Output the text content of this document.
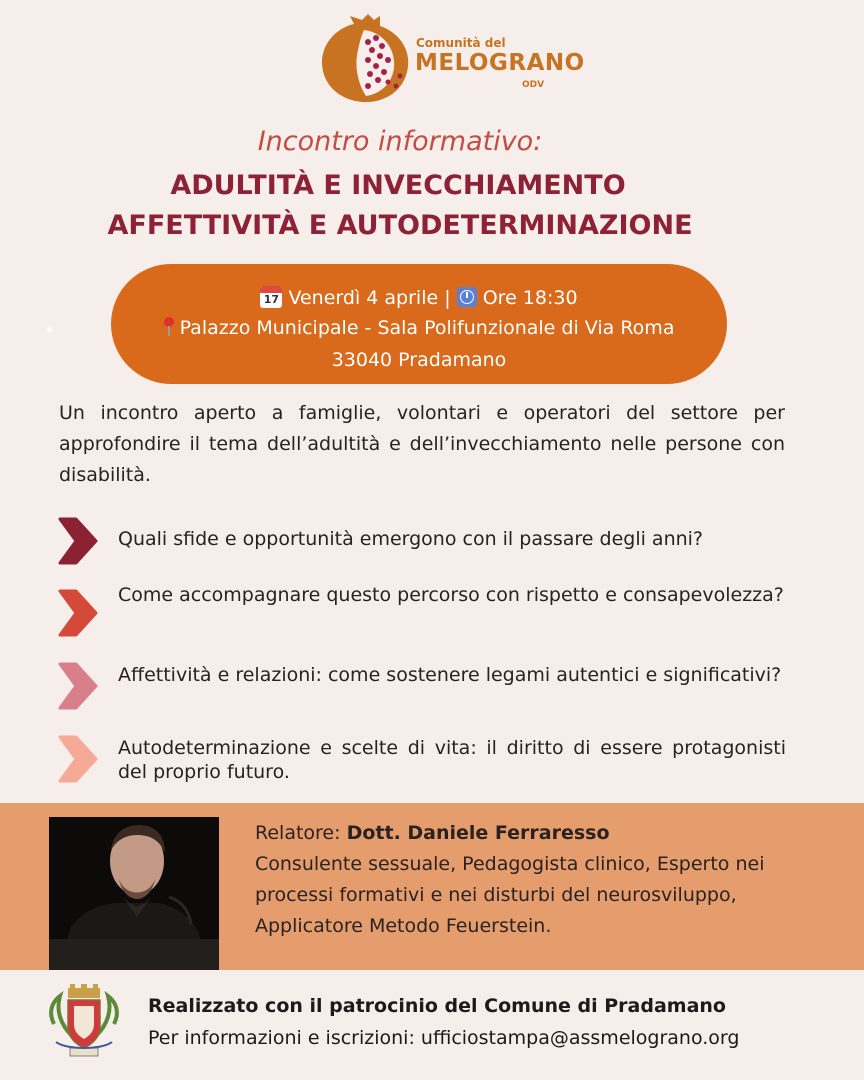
Comunità del
MELOGRANO
ODV
Incontro informativo:
ADULTITÀ E INVECCHIAMENTO
AFFETTIVITÀ E AUTODETERMINAZIONE
17 Venerdì 4 aprile | Ore 18:30
Palazzo Municipale - Sala Polifunzionale di Via Roma
33040 Pradamano
Un incontro aperto a famiglie, volontari e operatori del settore per approfondire il tema dell’adultità e dell’invecchiamento nelle persone con disabilità.
Quali sfide e opportunità emergono con il passare degli anni?
Come accompagnare questo percorso con rispetto e consapevolezza?
Affettività e relazioni: come sostenere legami autentici e significativi?
Autodeterminazione e scelte di vita: il diritto di essere protagonisti del proprio futuro.
Relatore: Dott. Daniele Ferraresso
Consulente sessuale, Pedagogista clinico, Esperto nei processi formativi e nei disturbi del neurosviluppo, Applicatore Metodo Feuerstein.
Realizzato con il patrocinio del Comune di Pradamano
Per informazioni e iscrizioni: ufficiostampa@assmelograno.org
